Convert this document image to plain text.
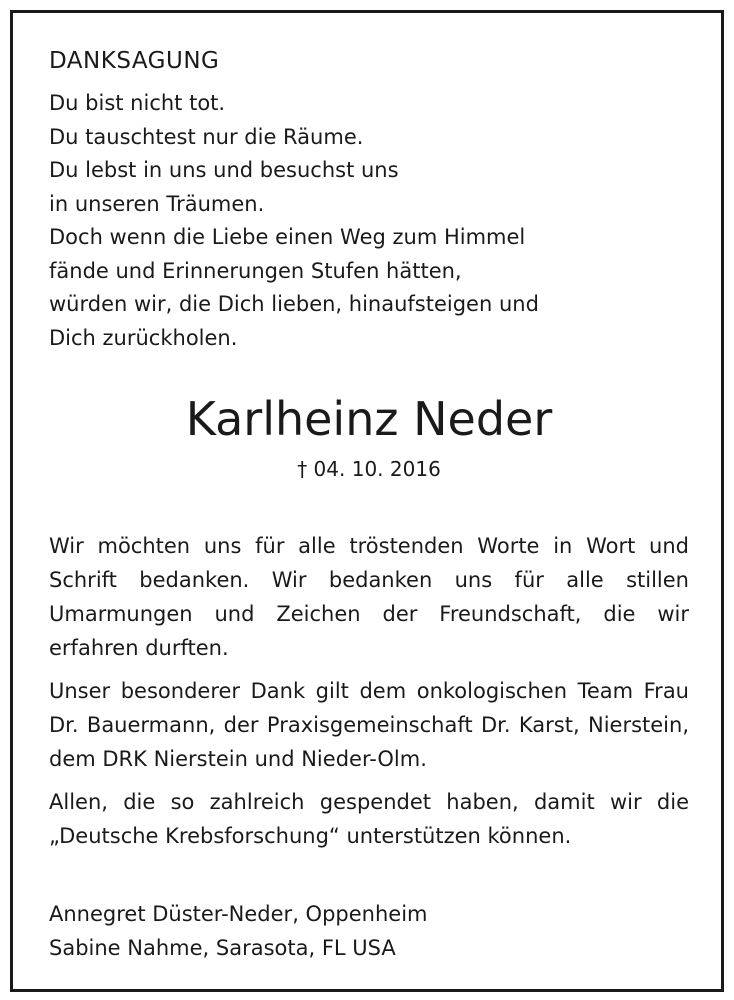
DANKSAGUNG
Du bist nicht tot.
Du tauschtest nur die Räume.
Du lebst in uns und besuchst uns
in unseren Träumen.
Doch wenn die Liebe einen Weg zum Himmel
fände und Erinnerungen Stufen hätten,
würden wir, die Dich lieben, hinaufsteigen und
Dich zurückholen.
Karlheinz Neder
† 04. 10. 2016

Wir möchten uns für alle tröstenden Worte in Wort und Schrift bedanken. Wir bedanken uns für alle stillen Umarmungen und Zeichen der Freundschaft, die wir erfahren durften.

Unser besonderer Dank gilt dem onkologischen Team Frau Dr. Bauermann, der Praxisgemeinschaft Dr. Karst, Nierstein, dem DRK Nierstein und Nieder-Olm.

Allen, die so zahlreich gespendet haben, damit wir die „Deutsche Krebsforschung“ unterstützen können.

Annegret Düster-Neder, Oppenheim
Sabine Nahme, Sarasota, FL USA
